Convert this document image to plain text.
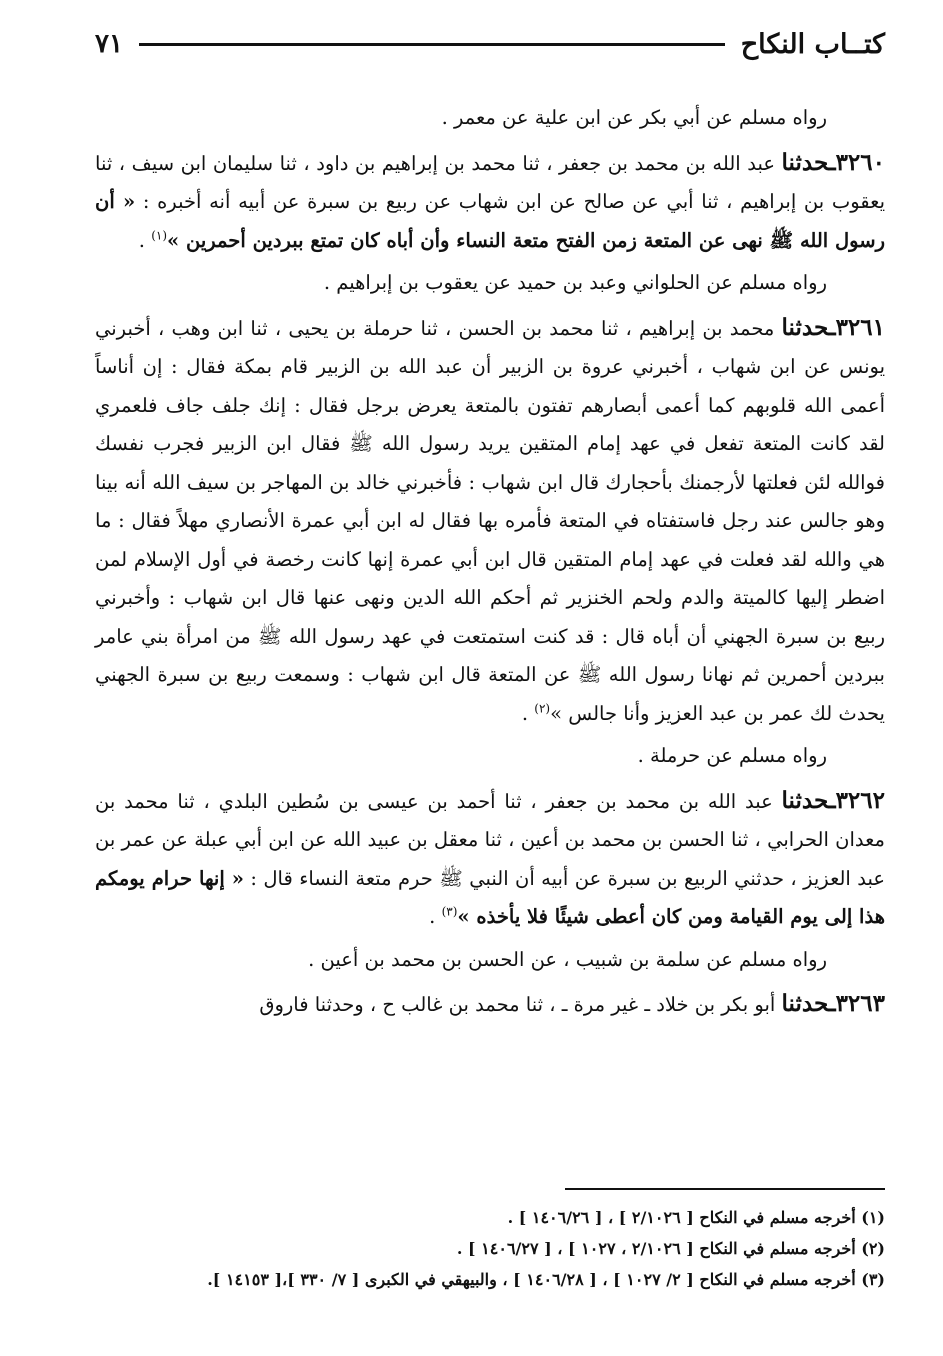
كتــاب النكاح
٧١

رواه مسلم عن أبي بكر عن ابن علية عن معمر .

٣٢٦٠ـحدثنا عبد الله بن محمد بن جعفر ، ثنا محمد بن إبراهيم بن داود ، ثنا سليمان ابن سيف ، ثنا يعقوب بن إبراهيم ، ثنا أبي عن صالح عن ابن شهاب عن ربيع بن سبرة عن أبيه أنه أخبره : « أن رسول الله ﷺ نهى عن المتعة زمن الفتح متعة النساء وأن أباه كان تمتع ببردين أحمرين »$^{(١)}$ .

رواه مسلم عن الحلواني وعبد بن حميد عن يعقوب بن إبراهيم .

٣٢٦١ـحدثنا محمد بن إبراهيم ، ثنا محمد بن الحسن ، ثنا حرملة بن يحيى ، ثنا ابن وهب ، أخبرني يونس عن ابن شهاب ، أخبرني عروة بن الزبير أن عبد الله بن الزبير قام بمكة فقال : إن أناساً أعمى الله قلوبهم كما أعمى أبصارهم تفتون بالمتعة يعرض برجل فقال : إنك جلف جاف فلعمري لقد كانت المتعة تفعل في عهد إمام المتقين يريد رسول الله ﷺ فقال ابن الزبير فجرب نفسك فوالله لئن فعلتها لأرجمنك بأحجارك قال ابن شهاب : فأخبرني خالد بن المهاجر بن سيف الله أنه بينا وهو جالس عند رجل فاستفتاه في المتعة فأمره بها فقال له ابن أبي عمرة الأنصاري مهلاً فقال : ما هي والله لقد فعلت في عهد إمام المتقين قال ابن أبي عمرة إنها كانت رخصة في أول الإسلام لمن اضطر إليها كالميتة والدم ولحم الخنزير ثم أحكم الله الدين ونهى عنها قال ابن شهاب : وأخبرني ربيع بن سبرة الجهني أن أباه قال : قد كنت استمتعت في عهد رسول الله ﷺ من امرأة بني عامر ببردين أحمرين ثم نهانا رسول الله ﷺ عن المتعة قال ابن شهاب : وسمعت ربيع بن سبرة الجهني يحدث لك عمر بن عبد العزيز وأنا جالس »$^{(٢)}$ .

رواه مسلم عن حرملة .

٣٢٦٢ـحدثنا عبد الله بن محمد بن جعفر ، ثنا أحمد بن عيسى بن سُطين البلدي ، ثنا محمد بن معدان الحرابي ، ثنا الحسن بن محمد بن أعين ، ثنا معقل بن عبيد الله عن ابن أبي عبلة عن عمر بن عبد العزيز ، حدثني الربيع بن سبرة عن أبيه أن النبي ﷺ حرم متعة النساء قال : « إنها حرام يومكم هذا إلى يوم القيامة ومن كان أعطى شيئًا فلا يأخذه »$^{(٣)}$ .

رواه مسلم عن سلمة بن شبيب ، عن الحسن بن محمد بن أعين .

٣٢٦٣ـحدثنا أبو بكر بن خلاد ـ غير مرة ـ ، ثنا محمد بن غالب ح ، وحدثنا فاروق

(١) أخرجه مسلم في النكاح [ ٢/١٠٢٦ ] ، [ ١٤٠٦/٢٦ ] .

(٢) أخرجه مسلم في النكاح [ ٢/١٠٢٦ ، ١٠٢٧ ] ، [ ١٤٠٦/٢٧ ] .

(٣) أخرجه مسلم في النكاح [ ٢/ ١٠٢٧ ] ، [ ١٤٠٦/٢٨ ] ، والبيهقي في الكبرى [ ٧/ ٣٣٠ ]،[ ١٤١٥٣ ].
